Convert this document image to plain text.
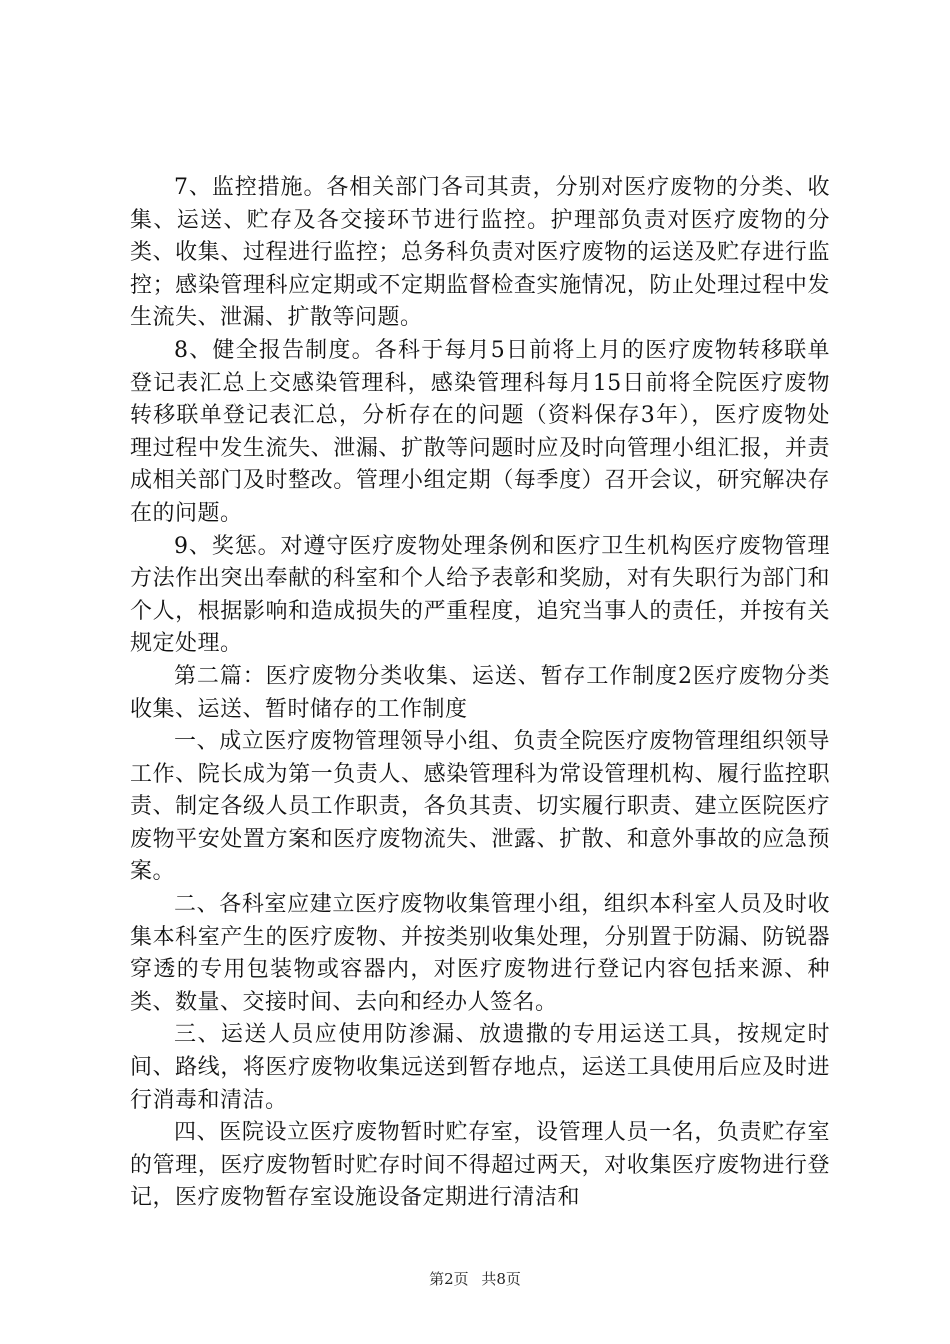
7、监控措施。各相关部门各司其责，分别对医疗废物的分类、收集、运送、贮存及各交接环节进行监控。护理部负责对医疗废物的分类、收集、过程进行监控；总务科负责对医疗废物的运送及贮存进行监控；感染管理科应定期或不定期监督检查实施情况，防止处理过程中发生流失、泄漏、扩散等问题。

8、健全报告制度。各科于每月5日前将上月的医疗废物转移联单登记表汇总上交感染管理科，感染管理科每月15日前将全院医疗废物转移联单登记表汇总，分析存在的问题（资料保存3年），医疗废物处理过程中发生流失、泄漏、扩散等问题时应及时向管理小组汇报，并责成相关部门及时整改。管理小组定期（每季度）召开会议，研究解决存在的问题。

9、奖惩。对遵守医疗废物处理条例和医疗卫生机构医疗废物管理方法作出突出奉献的科室和个人给予表彰和奖励，对有失职行为部门和个人，根据影响和造成损失的严重程度，追究当事人的责任，并按有关规定处理。

第二篇：医疗废物分类收集、运送、暂存工作制度2医疗废物分类收集、运送、暂时储存的工作制度

一、成立医疗废物管理领导小组、负责全院医疗废物管理组织领导工作、院长成为第一负责人、感染管理科为常设管理机构、履行监控职责、制定各级人员工作职责，各负其责、切实履行职责、建立医院医疗废物平安处置方案和医疗废物流失、泄露、扩散、和意外事故的应急预案。

二、各科室应建立医疗废物收集管理小组，组织本科室人员及时收集本科室产生的医疗废物、并按类别收集处理，分别置于防漏、防锐器穿透的专用包装物或容器内，对医疗废物进行登记内容包括来源、种类、数量、交接时间、去向和经办人签名。

三、运送人员应使用防渗漏、放遗撒的专用运送工具，按规定时间、路线，将医疗废物收集远送到暂存地点，运送工具使用后应及时进行消毒和清洁。

四、医院设立医疗废物暂时贮存室，设管理人员一名，负责贮存室的管理，医疗废物暂时贮存时间不得超过两天，对收集医疗废物进行登记，医疗废物暂存室设施设备定期进行清洁和

第2页 共8页
